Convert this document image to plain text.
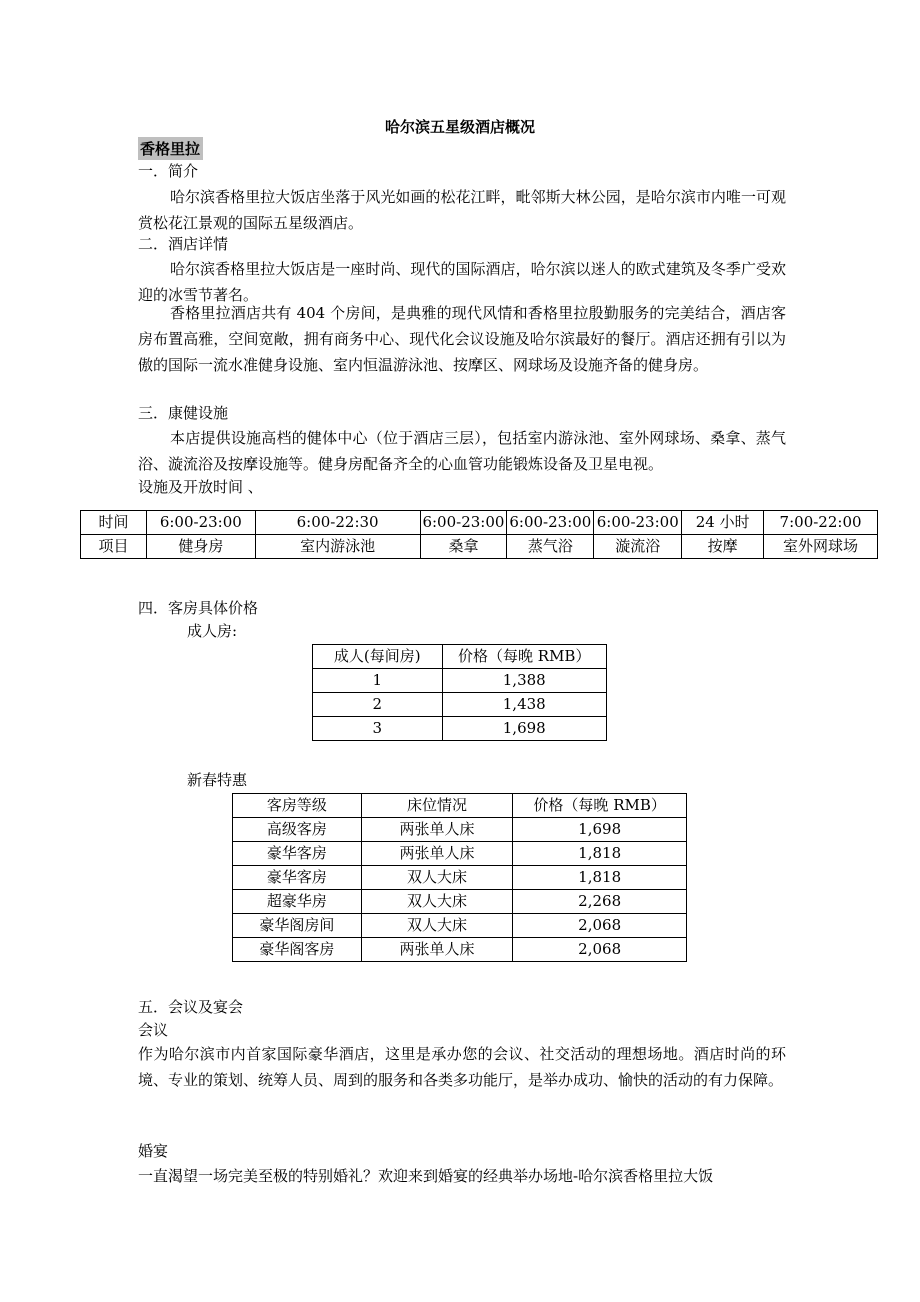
哈尔滨五星级酒店概况
香格里拉
一．简介
哈尔滨香格里拉大饭店坐落于风光如画的松花江畔，毗邻斯大林公园，是哈尔滨市内唯一可观赏松花江景观的国际五星级酒店。
二．酒店详情
哈尔滨香格里拉大饭店是一座时尚、现代的国际酒店，哈尔滨以迷人的欧式建筑及冬季广受欢迎的冰雪节著名。
香格里拉酒店共有 404 个房间，是典雅的现代风情和香格里拉殷勤服务的完美结合，酒店客房布置高雅，空间宽敞，拥有商务中心、现代化会议设施及哈尔滨最好的餐厅。酒店还拥有引以为傲的国际一流水准健身设施、室内恒温游泳池、按摩区、网球场及设施齐备的健身房。
三．康健设施
本店提供设施高档的健体中心（位于酒店三层），包括室内游泳池、室外网球场、桑拿、蒸气浴、漩流浴及按摩设施等。健身房配备齐全的心血管功能锻炼设备及卫星电视。
设施及开放时间 、
时间	6:00-23:00	6:00-22:30	6:00-23:00	6:00-23:00	6:00-23:00	24 小时	7:00-22:00
项目	健身房	室内游泳池	桑拿	蒸气浴	漩流浴	按摩	室外网球场
四．客房具体价格
成人房:
成人(每间房)	价格（每晚 RMB）
1	1,388
2	1,438
3	1,698
新春特惠
客房等级	床位情况	价格（每晚 RMB）
高级客房	两张单人床	1,698
豪华客房	两张单人床	1,818
豪华客房	双人大床	1,818
超豪华房	双人大床	2,268
豪华阁房间	双人大床	2,068
豪华阁客房	两张单人床	2,068
五．会议及宴会
会议
作为哈尔滨市内首家国际豪华酒店，这里是承办您的会议、社交活动的理想场地。酒店时尚的环境、专业的策划、统筹人员、周到的服务和各类多功能厅，是举办成功、愉快的活动的有力保障。
婚宴
一直渴望一场完美至极的特别婚礼？欢迎来到婚宴的经典举办场地-哈尔滨香格里拉大饭
